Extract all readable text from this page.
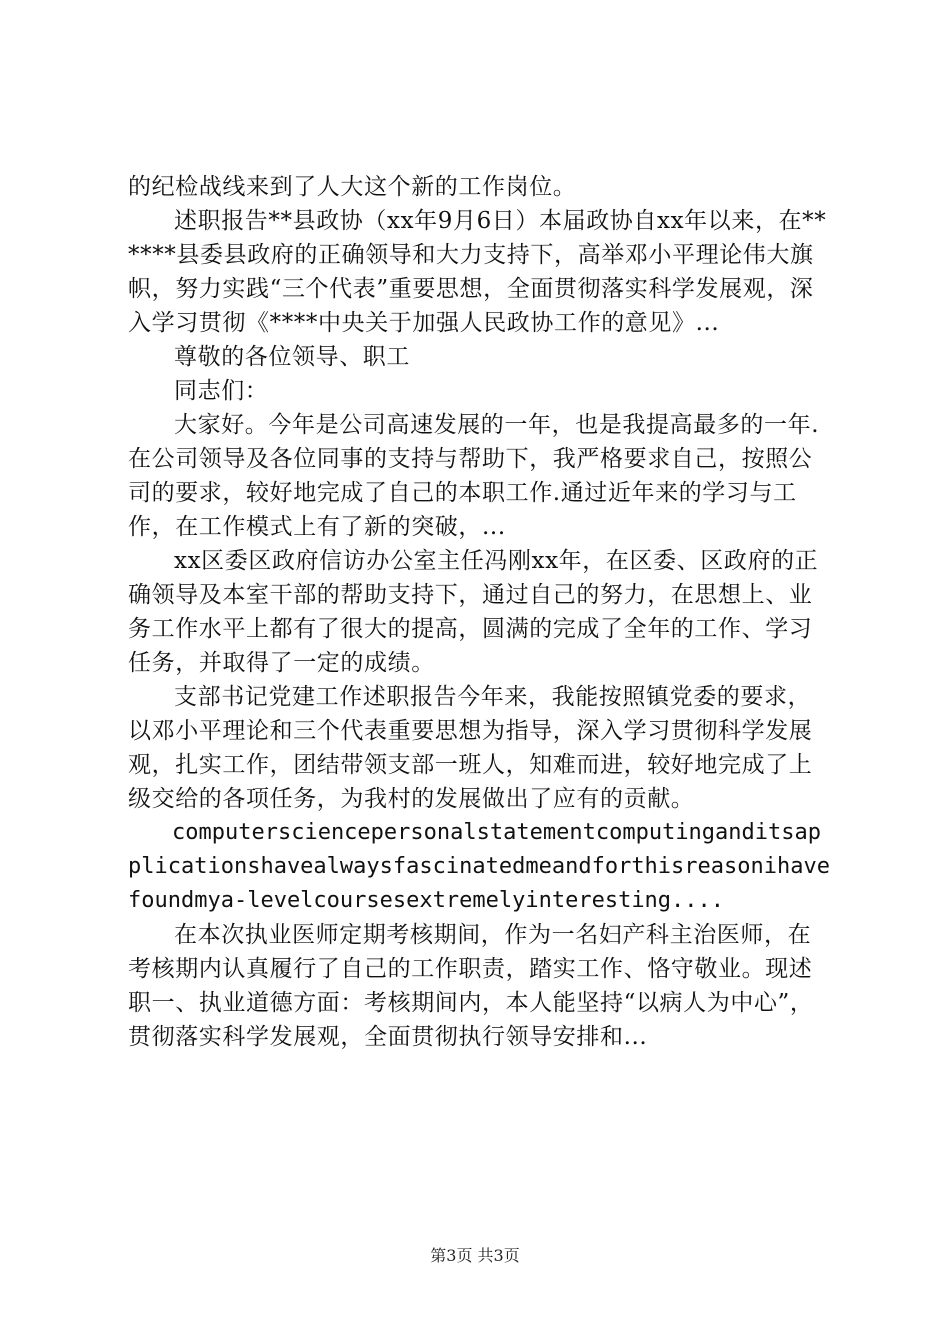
的纪检战线来到了人大这个新的工作岗位。

述职报告**县政协（xx年9月6日）本届政协自xx年以来，在******县委县政府的正确领导和大力支持下，高举邓小平理论伟大旗帜，努力实践“三个代表”重要思想，全面贯彻落实科学发展观，深入学习贯彻《****中央关于加强人民政协工作的意见》...

尊敬的各位领导、职工

同志们：

大家好。今年是公司高速发展的一年，也是我提高最多的一年.在公司领导及各位同事的支持与帮助下，我严格要求自己，按照公司的要求，较好地完成了自己的本职工作.通过近年来的学习与工作，在工作模式上有了新的突破，...

xx区委区政府信访办公室主任冯刚xx年，在区委、区政府的正确领导及本室干部的帮助支持下，通过自己的努力，在思想上、业务工作水平上都有了很大的提高，圆满的完成了全年的工作、学习任务，并取得了一定的成绩。

支部书记党建工作述职报告今年来，我能按照镇党委的要求，以邓小平理论和三个代表重要思想为指导，深入学习贯彻科学发展观，扎实工作，团结带领支部一班人，知难而进，较好地完成了上级交给的各项任务，为我村的发展做出了应有的贡献。

computersciencepersonalstatementcomputinganditsapplicationshavealwaysfascinatedmeandforthisreasonihavefoundmya-levelcoursesextremelyinteresting....

在本次执业医师定期考核期间，作为一名妇产科主治医师，在考核期内认真履行了自己的工作职责，踏实工作、恪守敬业。现述职一、执业道德方面：考核期间内，本人能坚持“以病人为中心”，贯彻落实科学发展观，全面贯彻执行领导安排和...

第3页 共3页
